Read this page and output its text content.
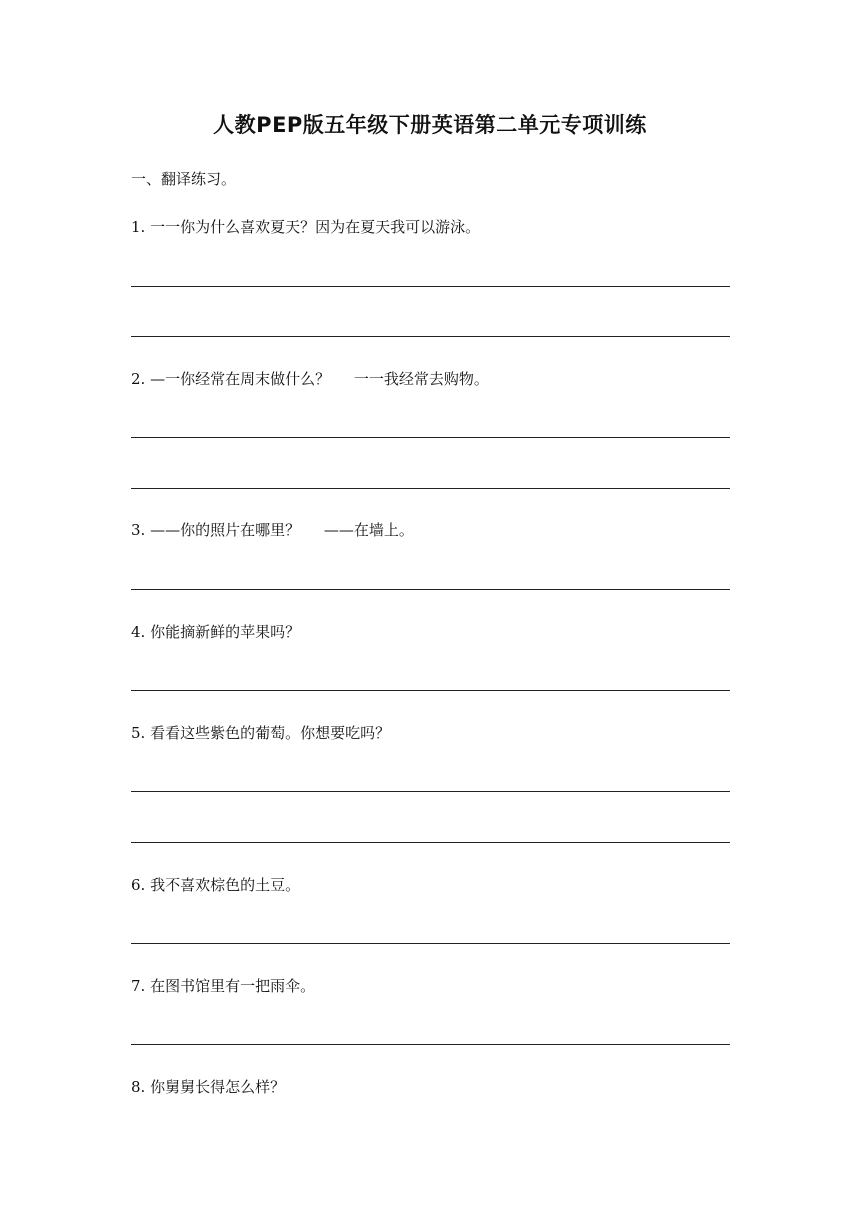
人教PEP版五年级下册英语第二单元专项训练
一、翻译练习。
1. 一一你为什么喜欢夏天？因为在夏天我可以游泳。
2. —一你经常在周末做什么？     一一我经常去购物。
3. ——你的照片在哪里？     ——在墙上。
4. 你能摘新鲜的苹果吗？
5. 看看这些紫色的葡萄。你想要吃吗？
6. 我不喜欢棕色的土豆。
7. 在图书馆里有一把雨伞。
8. 你舅舅长得怎么样？
